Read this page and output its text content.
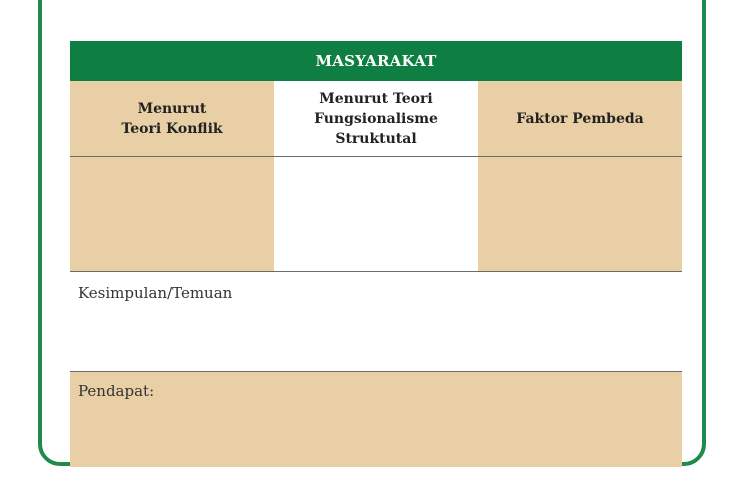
MASYARAKAT
Menurut
Teori Konflik
Menurut Teori
Fungsionalisme
Struktutal
Faktor Pembeda
Kesimpulan/Temuan
Pendapat:
